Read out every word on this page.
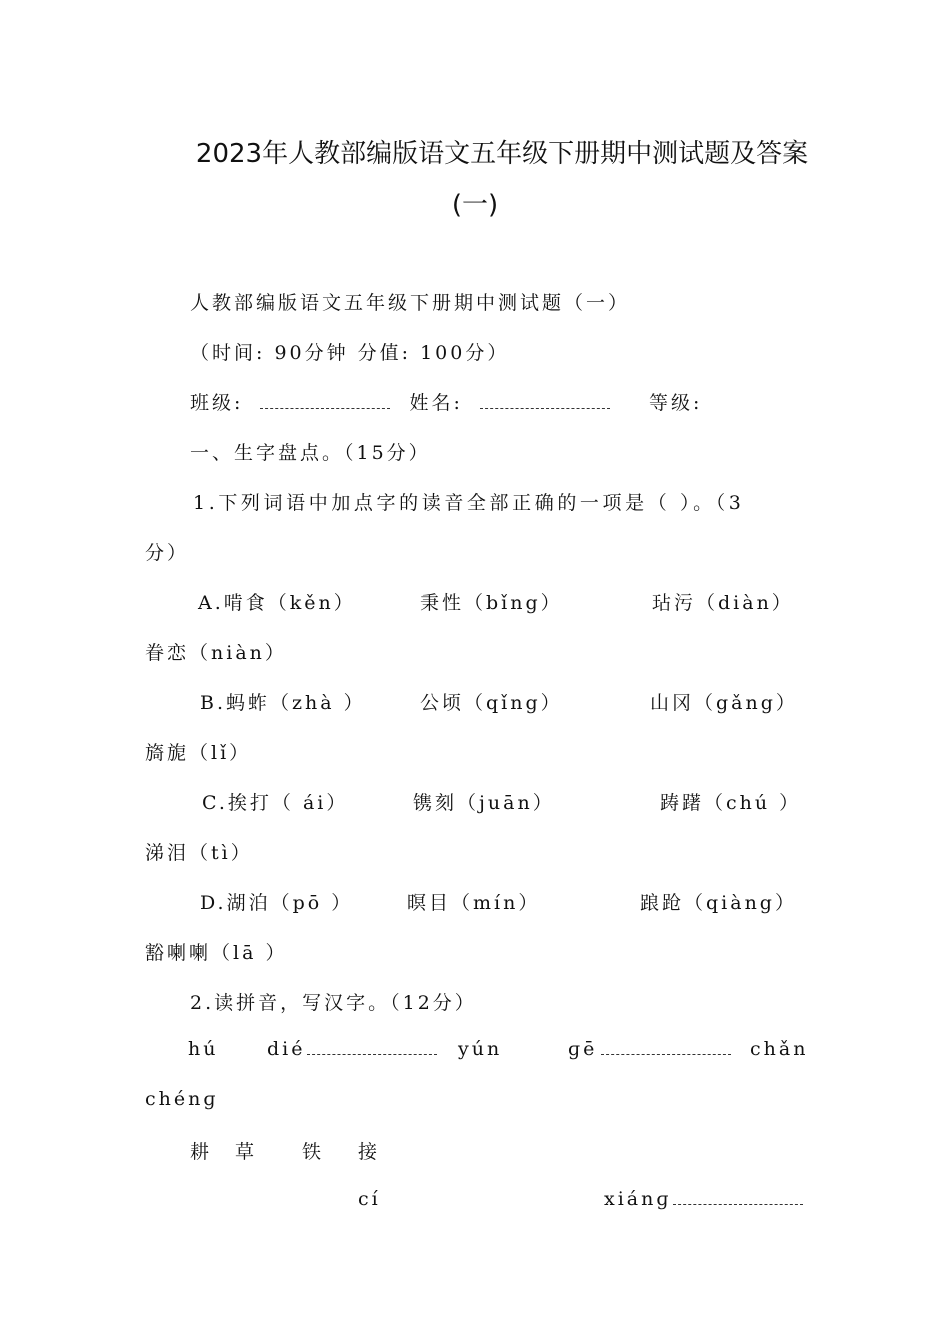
2023年人教部编版语文五年级下册期中测试题及答案
(一)
人教部编版语文五年级下册期中测试题（一）
（时间: 90分钟 分值: 100分）
班级:	姓名:	等级:
一、生字盘点。（15分）
1.下列词语中加点字的读音全部正确的一项是（ ）。（3
分）
A.啃食（kěn）	秉性（bǐng）	玷污（diàn）
眷恋（niàn）
B.蚂蚱（zhà ）	公顷（qǐng）	山冈（gǎng）
旖旎（lǐ）
C.挨打（ ái）	镌刻（juān）	踌躇（chú ）
涕泪（tì）
D.湖泊（pō ）	暝目（mín）	踉跄（qiàng）
豁喇喇（lā ）
2.读拼音，写汉字。（12分）
hú	dié	yún	ɡē	chǎn
chénɡ
耕 草 铁 接
cí	xiánɡ
